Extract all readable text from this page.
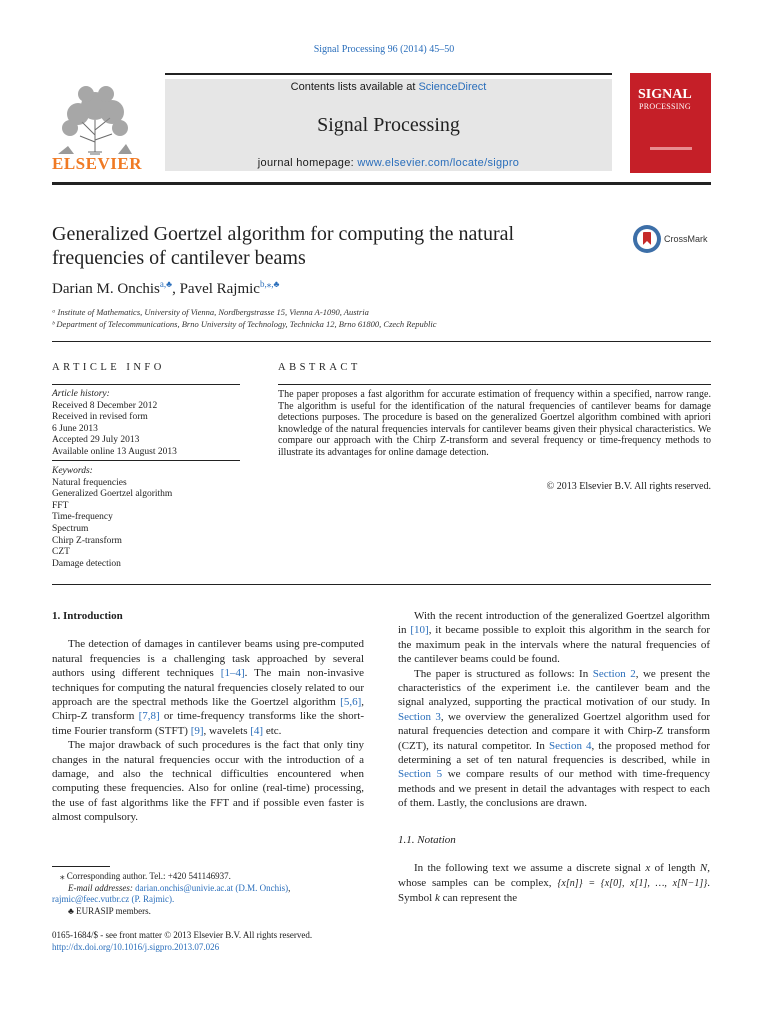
Signal Processing 96 (2014) 45–50
Contents lists available at ScienceDirect
Signal Processing
journal homepage: www.elsevier.com/locate/sigpro
ELSEVIER
SIGNAL
PROCESSING
Generalized Goertzel algorithm for computing the natural
frequencies of cantilever beams
CrossMark
Darian M. Onchis$^{a,♣}$, Pavel Rajmic$^{b,⁎,♣}$
ᵃ Institute of Mathematics, University of Vienna, Nordbergstrasse 15, Vienna A-1090, Austria
ᵇ Department of Telecommunications, Brno University of Technology, Technicka 12, Brno 61800, Czech Republic
ARTICLE INFO
Article history:
Received 8 December 2012
Received in revised form
6 June 2013
Accepted 29 July 2013
Available online 13 August 2013
Keywords:
Natural frequencies
Generalized Goertzel algorithm
FFT
Time-frequency
Spectrum
Chirp Z-transform
CZT
Damage detection
ABSTRACT
The paper proposes a fast algorithm for accurate estimation of frequency within a specified, narrow range. The algorithm is useful for the identification of the natural frequencies of cantilever beams for damage detections purposes. The procedure is based on the generalized Goertzel algorithm combined with apriori knowledge of the natural frequencies intervals for cantilever beams given their physical characteristics. We compare our approach with the Chirp Z-transform and several frequency or time-frequency methods to illustrate its advantages for online damage detection.
© 2013 Elsevier B.V. All rights reserved.
1. Introduction

The detection of damages in cantilever beams using pre-computed natural frequencies is a challenging task approached by several authors using different techniques [1–4]. The main non-invasive techniques for computing the natural frequencies closely related to our approach are the spectral methods like the Goertzel algorithm [5,6], Chirp-Z transform [7,8] or time-frequency transforms like the short-time Fourier transform (STFT) [9], wavelets [4] etc.

The major drawback of such procedures is the fact that only tiny changes in the natural frequencies occur with the introduction of a damage, and also the technical difficulties encountered when computing these frequencies. Also for online (real-time) processing, the use of fast algorithms like the FFT and if possible even faster is almost compulsory.

⁎ Corresponding author. Tel.: +420 541146937.
E-mail addresses: darian.onchis@univie.ac.at (D.M. Onchis),
rajmic@feec.vutbr.cz (P. Rajmic).
♣ EURASIP members.
0165-1684/$ - see front matter © 2013 Elsevier B.V. All rights reserved.
http://dx.doi.org/10.1016/j.sigpro.2013.07.026

With the recent introduction of the generalized Goertzel algorithm in [10], it became possible to exploit this algorithm in the search for the maximum peak in the intervals where the natural frequencies of the cantilever beams could be found.

The paper is structured as follows: In Section 2, we present the characteristics of the experiment i.e. the cantilever beam and the signal analyzed, supporting the practical motivation of our study. In Section 3, we overview the generalized Goertzel algorithm used for natural frequencies detection and compare it with Chirp-Z transform (CZT), its natural competitor. In Section 4, the proposed method for determining a set of ten natural frequencies is described, while in Section 5 we compare results of our method with time-frequency methods and we present in detail the advantages with respect to each of them. Lastly, the conclusions are drawn.

1.1. Notation

In the following text we assume a discrete signal x of length N, whose samples can be complex, {x[n]} = {x[0], x[1], …, x[N−1]}. Symbol k can represent the
